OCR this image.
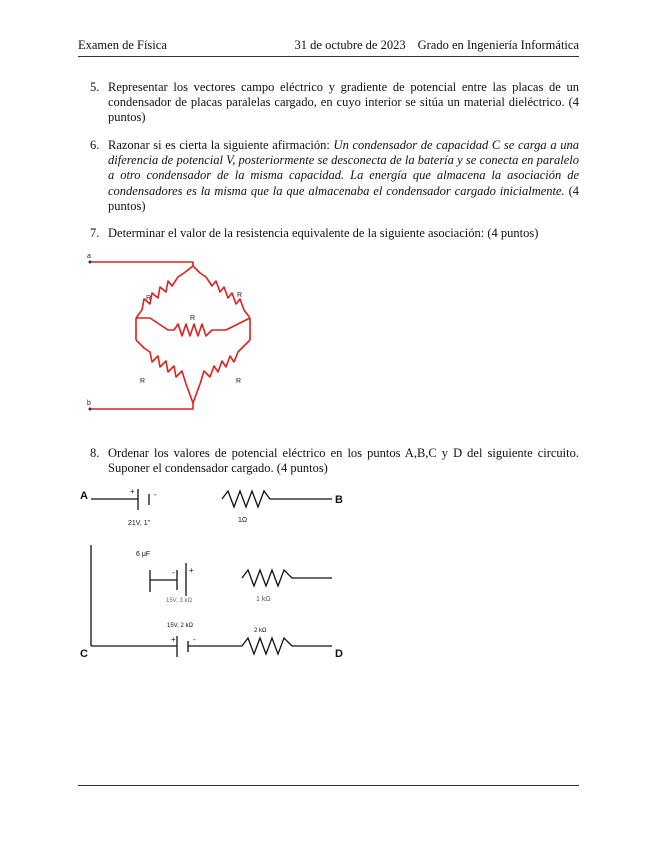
Examen de Física	31 de octubre de 2023 Grado en Ingeniería Informática
5. Representar los vectores campo eléctrico y gradiente de potencial entre las placas de un condensador de placas paralelas cargado, en cuyo interior se sitúa un material dieléctrico. (4 puntos)
6. Razonar si es cierta la siguiente afirmación: Un condensador de capacidad C se carga a una diferencia de potencial V, posteriormente se desconecta de la batería y se conecta en paralelo a otro condensador de la misma capacidad. La energía que almacena la asociación de condensadores es la misma que la que almacenaba el condensador cargado inicialmente. (4 puntos)
7. Determinar el valor de la resistencia equivalente de la siguiente asociación: (4 puntos)
a
b
R	R
R
R	R
8. Ordenar los valores de potencial eléctrico en los puntos A,B,C y D del siguiente circuito. Suponer el condensador cargado. (4 puntos)
A	B
C	D
+ -
21V, 1"	1Ω
6 μF
- +
15V, 3 kΩ	1 kΩ
15V, 2 kΩ
+ -
2 kΩ
